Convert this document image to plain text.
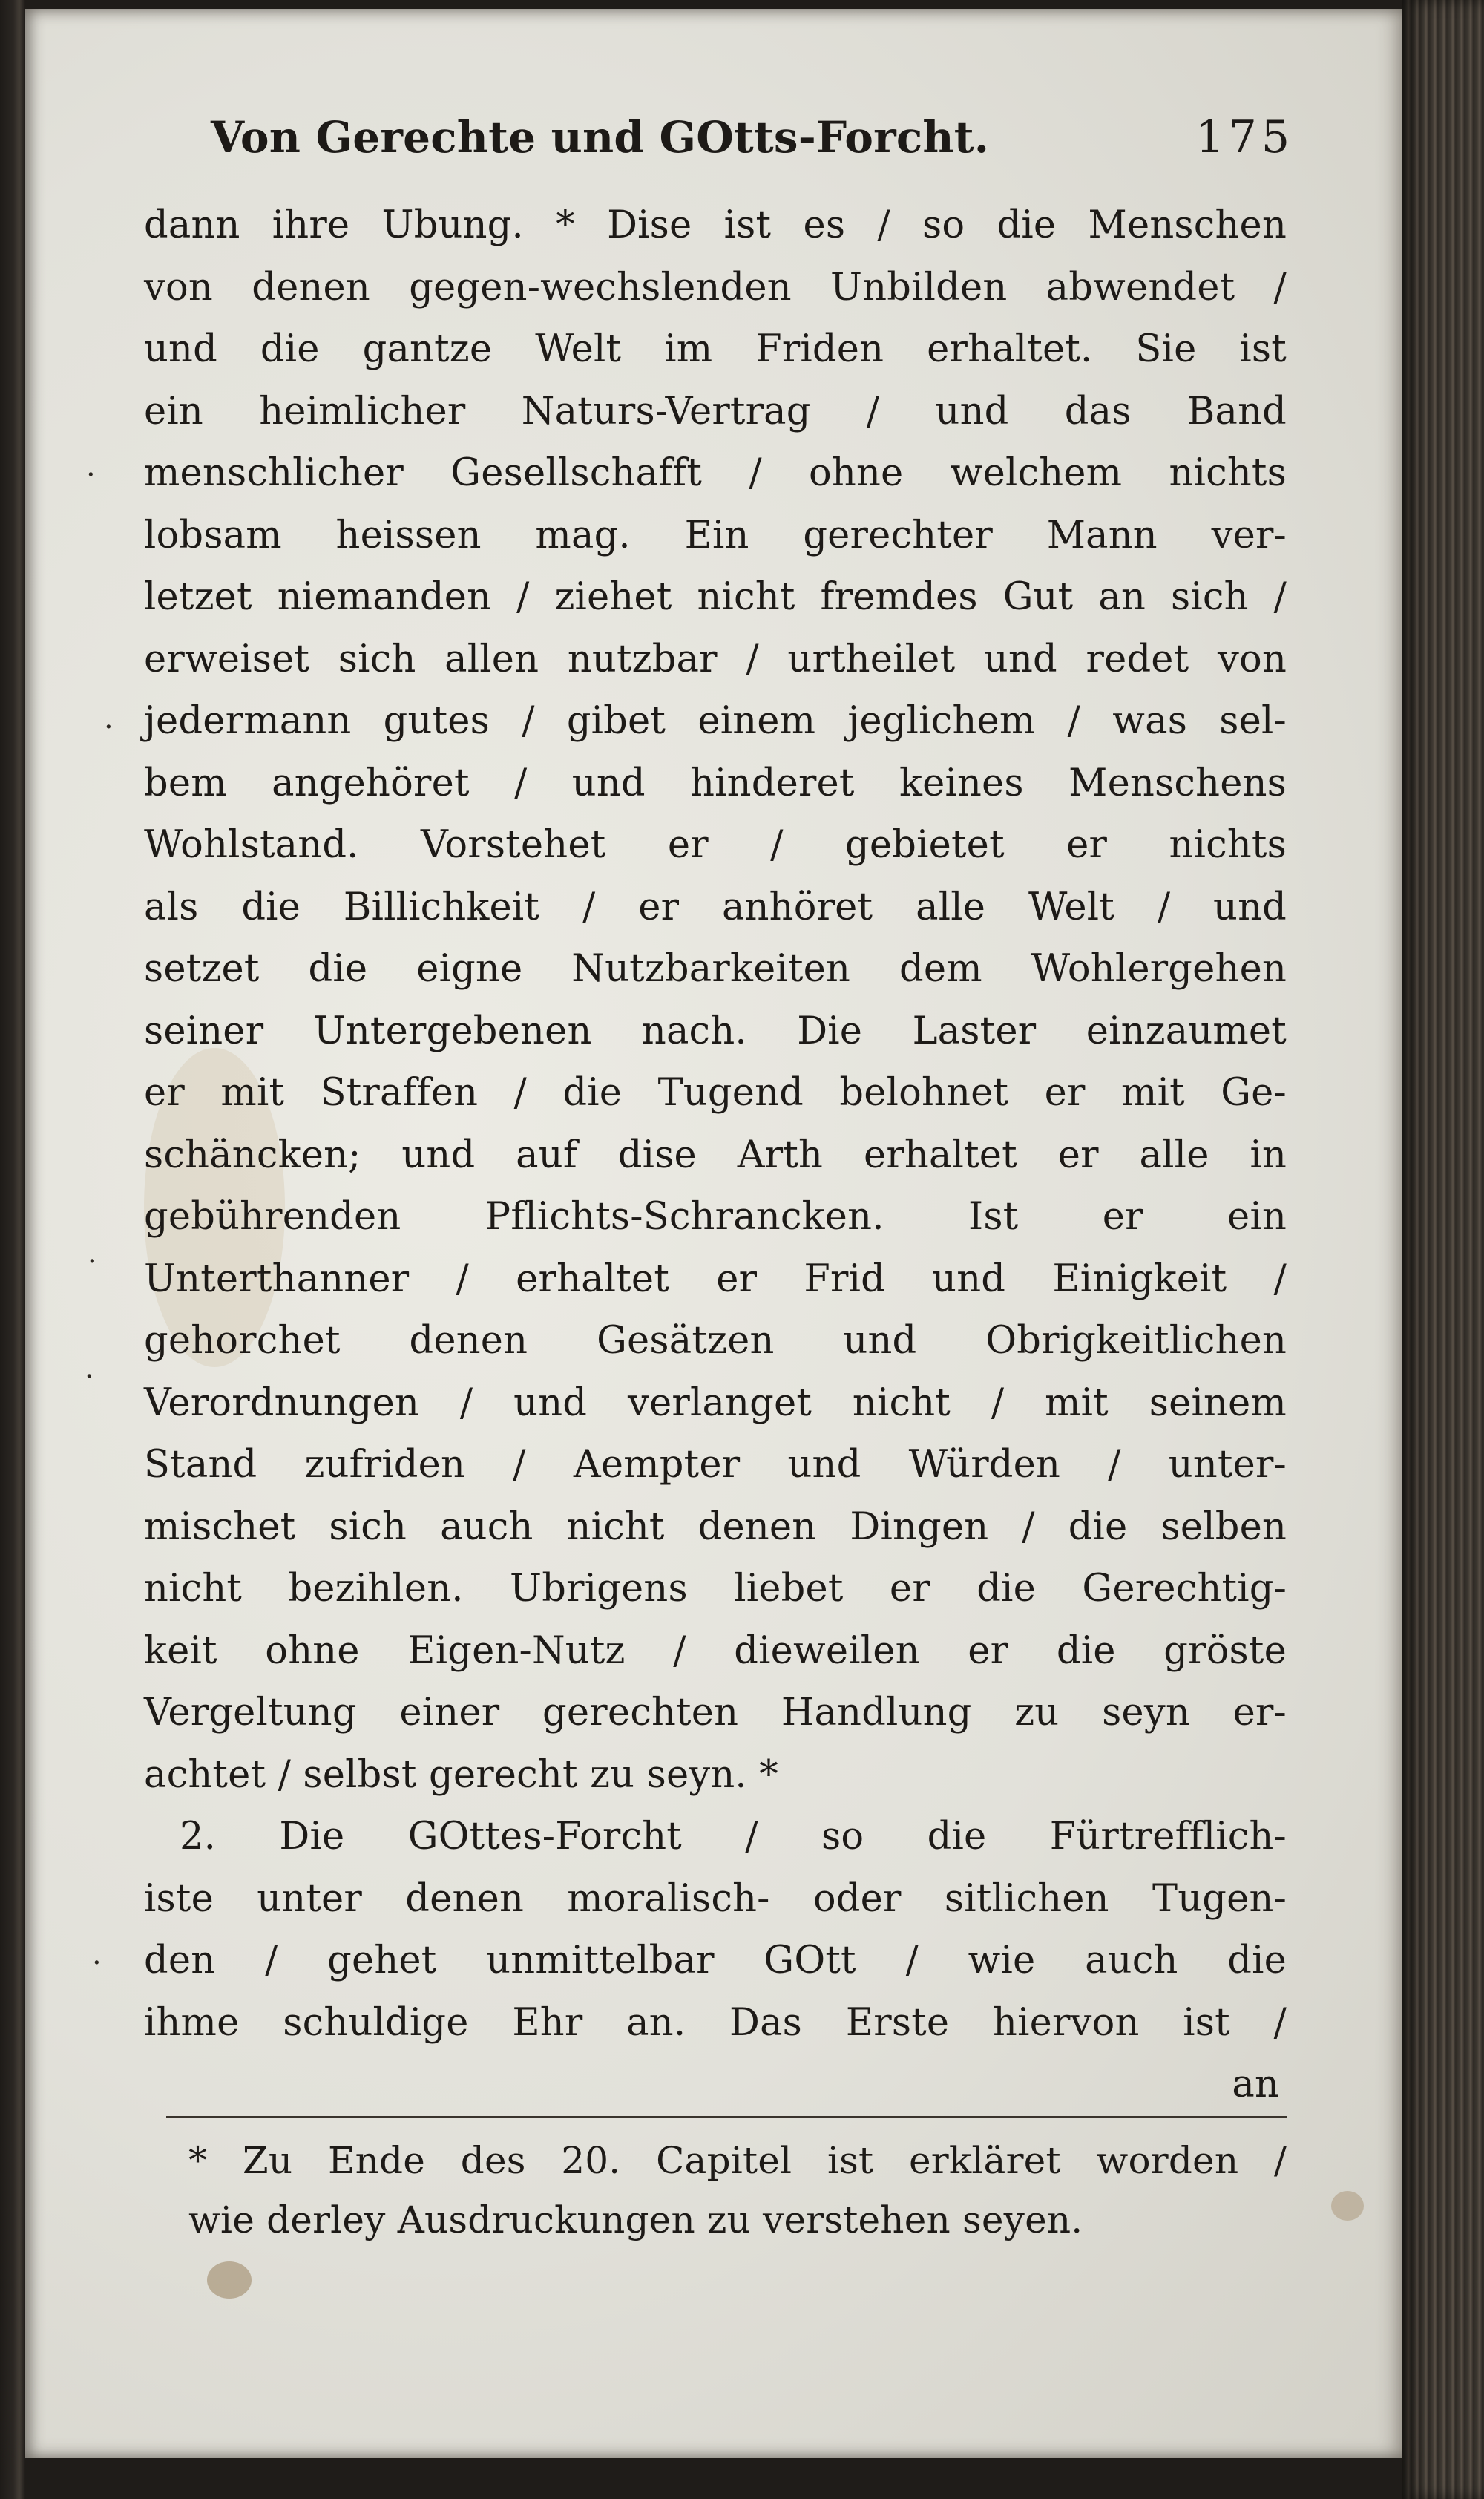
·
·
·
·
·
Von Gerechte und GOtts-Forcht.	175
dann ihre Ubung. * Dise ist es / so die Menschen
von denen gegen-wechslenden Unbilden abwendet /
und die gantze Welt im Friden erhaltet. Sie ist
ein heimlicher Naturs-Vertrag / und das Band
menschlicher Gesellschafft / ohne welchem nichts
lobsam heissen mag. Ein gerechter Mann ver-
letzet niemanden / ziehet nicht fremdes Gut an sich /
erweiset sich allen nutzbar / urtheilet und redet von
jedermann gutes / gibet einem jeglichem / was sel-
bem angehöret / und hinderet keines Menschens
Wohlstand. Vorstehet er / gebietet er nichts
als die Billichkeit / er anhöret alle Welt / und
setzet die eigne Nutzbarkeiten dem Wohlergehen
seiner Untergebenen nach. Die Laster einzaumet
er mit Straffen / die Tugend belohnet er mit Ge-
schäncken; und auf dise Arth erhaltet er alle in
gebührenden Pflichts-Schrancken. Ist er ein
Unterthanner / erhaltet er Frid und Einigkeit /
gehorchet denen Gesätzen und Obrigkeitlichen
Verordnungen / und verlanget nicht / mit seinem
Stand zufriden / Aempter und Würden / unter-
mischet sich auch nicht denen Dingen / die selben
nicht bezihlen. Ubrigens liebet er die Gerechtig-
keit ohne Eigen-Nutz / dieweilen er die gröste
Vergeltung einer gerechten Handlung zu seyn er-
achtet / selbst gerecht zu seyn. *
2. Die GOttes-Forcht / so die Fürtrefflich-
iste unter denen moralisch- oder sitlichen Tugen-
den / gehet unmittelbar GOtt / wie auch die
ihme schuldige Ehr an. Das Erste hiervon ist /
an
* Zu Ende des 20. Capitel ist erkläret worden /
wie derley Ausdruckungen zu verstehen seyen.
